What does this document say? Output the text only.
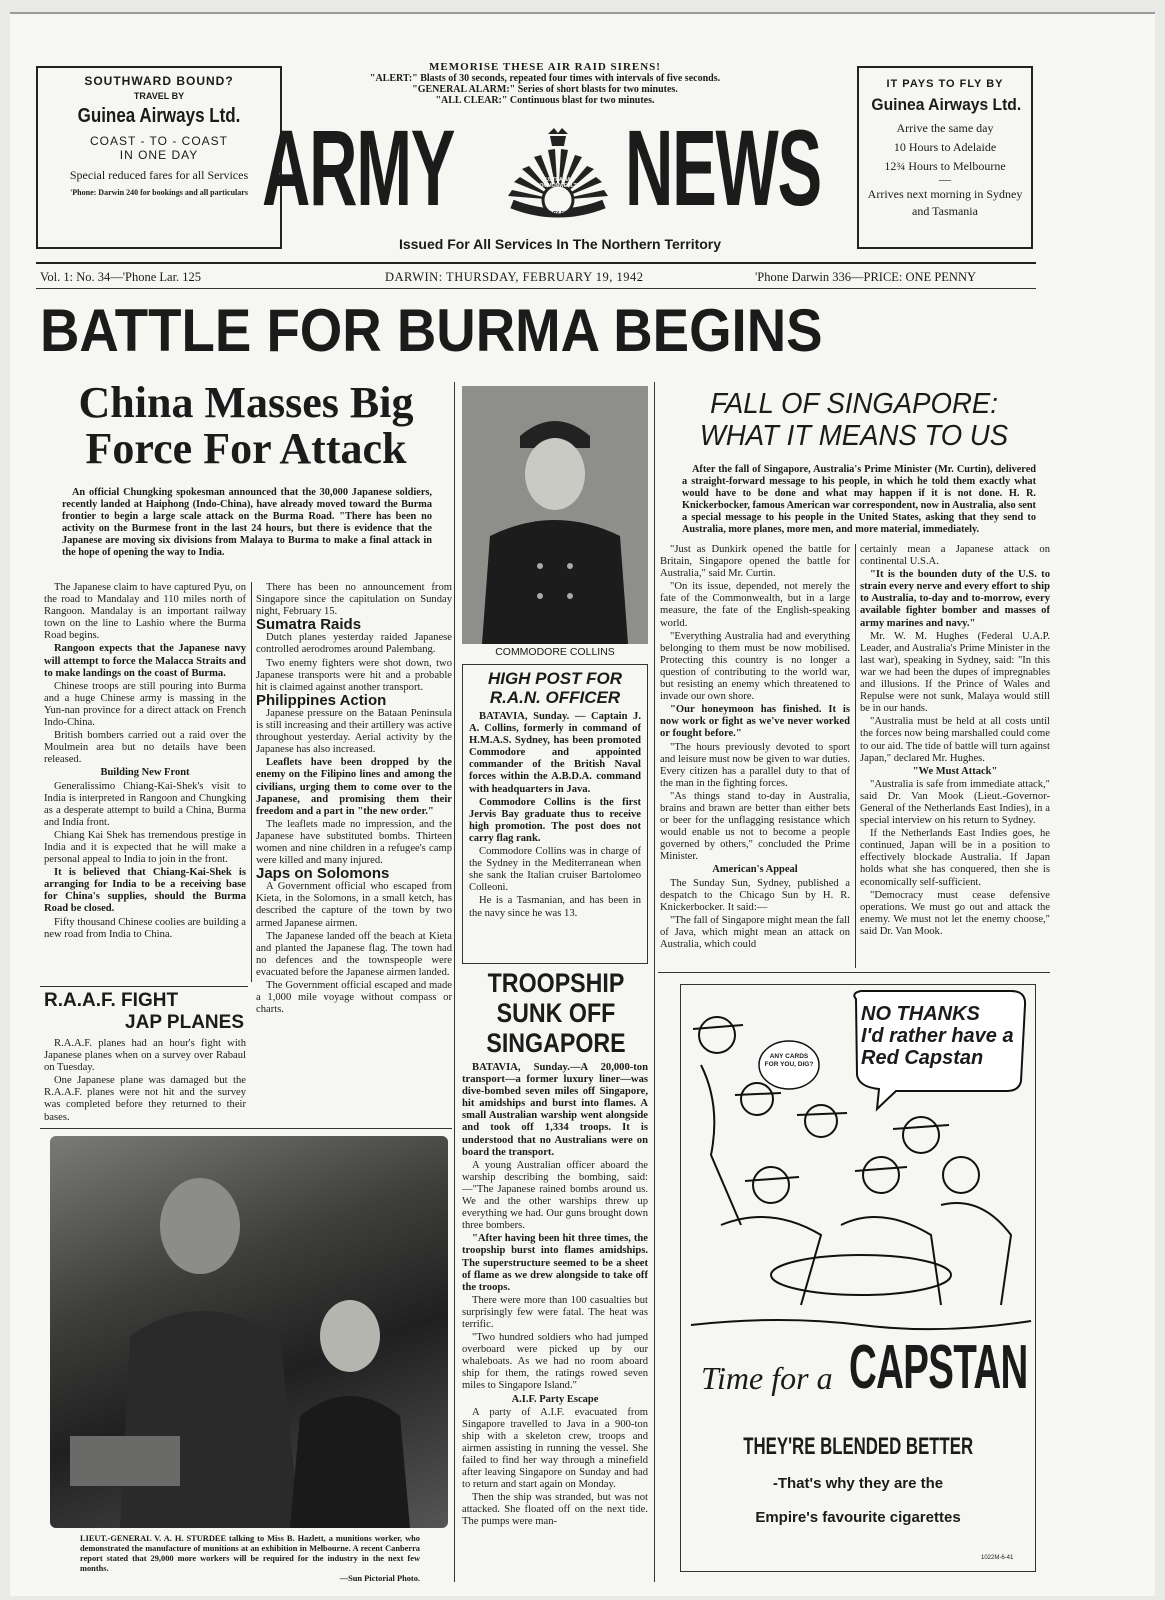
SOUTHWARD BOUND?
TRAVEL BY
Guinea Airways Ltd.
COAST - TO - COAST
IN ONE DAY
Special reduced fares for all Services
'Phone: Darwin 240 for bookings and all particulars
MEMORISE THESE AIR RAID SIRENS!
"ALERT:" Blasts of 30 seconds, repeated four times with intervals of five seconds.
"GENERAL ALARM:" Series of short blasts for two minutes.
"ALL CLEAR:" Continuous blast for two minutes.
ARMY NEWS
AUSTRALIAN COMMONWEALTH
MILITARY FORCES
Issued For All Services In The Northern Territory
IT PAYS TO FLY BY
Guinea Airways Ltd.
Arrive the same day
10 Hours to Adelaide
12¾ Hours to Melbourne
—
Arrives next morning in Sydney and Tasmania
Vol. 1: No. 34—'Phone Lar. 125	DARWIN: THURSDAY, FEBRUARY 19, 1942	'Phone Darwin 336—PRICE: ONE PENNY
BATTLE FOR BURMA BEGINS
China Masses Big
Force For Attack

An official Chungking spokesman announced that the 30,000 Japanese soldiers, recently landed at Haiphong (Indo-China), have already moved toward the Burma frontier to begin a large scale attack on the Burma Road. "There has been no activity on the Burmese front in the last 24 hours, but there is evidence that the Japanese are moving six divisions from Malaya to Burma to make a final attack in the hope of opening the way to India.

The Japanese claim to have captured Pyu, on the road to Mandalay and 110 miles north of Rangoon. Mandalay is an important railway town on the line to Lashio where the Burma Road begins.

Rangoon expects that the Japanese navy will attempt to force the Malacca Straits and to make landings on the coast of Burma.

Chinese troops are still pouring into Burma and a huge Chinese army is massing in the Yun-nan province for a direct attack on French Indo-China.

British bombers carried out a raid over the Moulmein area but no details have been released.

Building New Front

Generalissimo Chiang-Kai-Shek's visit to India is interpreted in Rangoon and Chungking as a desperate attempt to build a China, Burma and India front.

Chiang Kai Shek has tremendous prestige in India and it is expected that he will make a personal appeal to India to join in the front.

It is believed that Chiang-Kai-Shek is arranging for India to be a receiving base for China's supplies, should the Burma Road be closed.

Fifty thousand Chinese coolies are building a new road from India to China.

There has been no announcement from Singapore since the capitulation on Sunday night, February 15.

Sumatra Raids

Dutch planes yesterday raided Japanese controlled aerodromes around Palembang.

Two enemy fighters were shot down, two Japanese transports were hit and a probable hit is claimed against another transport.

Philippines Action

Japanese pressure on the Bataan Peninsula is still increasing and their artillery was active throughout yesterday. Aerial activity by the Japanese has also increased.

Leaflets have been dropped by the enemy on the Filipino lines and among the civilians, urging them to come over to the Japanese, and promising them their freedom and a part in "the new order."

The leaflets made no impression, and the Japanese have substituted bombs. Thirteen women and nine children in a refugee's camp were killed and many injured.

Japs on Solomons

A Government official who escaped from Kieta, in the Solomons, in a small ketch, has described the capture of the town by two armed Japanese airmen.

The Japanese landed off the beach at Kieta and planted the Japanese flag. The town had no defences and the townspeople were evacuated before the Japanese airmen landed.

The Government official escaped and made a 1,000 mile voyage without compass or charts.

R.A.A.F. FIGHT
JAP PLANES

R.A.A.F. planes had an hour's fight with Japanese planes when on a survey over Rabaul on Tuesday.

One Japanese plane was damaged but the R.A.A.F. planes were not hit and the survey was completed before they returned to their bases.

LIEUT.-GENERAL V. A. H. STURDEE talking to Miss B. Hazlett, a munitions worker, who demonstrated the manufacture of munitions at an exhibition in Melbourne. A recent Canberra report stated that 29,000 more workers will be required for the industry in the next few months.
—Sun Pictorial Photo.
COMMODORE COLLINS
HIGH POST FOR
R.A.N. OFFICER

BATAVIA, Sunday. — Captain J. A. Collins, formerly in command of H.M.A.S. Sydney, has been promoted Commodore and appointed commander of the British Naval forces within the A.B.D.A. command with headquarters in Java.

Commodore Collins is the first Jervis Bay graduate thus to receive high promotion. The post does not carry flag rank.

Commodore Collins was in charge of the Sydney in the Mediterranean when she sank the Italian cruiser Bartolomeo Colleoni.

He is a Tasmanian, and has been in the navy since he was 13.

TROOPSHIP
SUNK OFF
SINGAPORE

BATAVIA, Sunday.—A 20,000-ton transport—a former luxury liner—was dive-bombed seven miles off Singapore, hit amidships and burst into flames. A small Australian warship went alongside and took off 1,334 troops. It is understood that no Australians were on board the transport.

A young Australian officer aboard the warship describing the bombing, said:—"The Japanese rained bombs around us. We and the other warships threw up everything we had. Our guns brought down three bombers.

"After having been hit three times, the troopship burst into flames amidships. The superstructure seemed to be a sheet of flame as we drew alongside to take off the troops.

There were more than 100 casualties but surprisingly few were fatal. The heat was terrific.

"Two hundred soldiers who had jumped overboard were picked up by our whaleboats. As we had no room aboard ship for them, the ratings rowed seven miles to Singapore Island."

A.I.F. Party Escape

A party of A.I.F. evacuated from Singapore travelled to Java in a 900-ton ship with a skeleton crew, troops and airmen assisting in running the vessel. She failed to find her way through a minefield after leaving Singapore on Sunday and had to return and start again on Monday.

Then the ship was stranded, but was not attacked. She floated off on the next tide. The pumps were man-

FALL OF SINGAPORE:
WHAT IT MEANS TO US

After the fall of Singapore, Australia's Prime Minister (Mr. Curtin), delivered a straight-forward message to his people, in which he told them exactly what would have to be done and what may happen if it is not done. H. R. Knickerbocker, famous American war correspondent, now in Australia, also sent a special message to his people in the United States, asking that they send to Australia, more planes, more men, and more material, immediately.

"Just as Dunkirk opened the battle for Britain, Singapore opened the battle for Australia," said Mr. Curtin.

"On its issue, depended, not merely the fate of the Commonwealth, but in a large measure, the fate of the English-speaking world.

"Everything Australia had and everything belonging to them must be now mobilised. Protecting this country is no longer a question of contributing to the world war, but resisting an enemy which threatened to invade our own shore.

"Our honeymoon has finished. It is now work or fight as we've never worked or fought before."

"The hours previously devoted to sport and leisure must now be given to war duties. Every citizen has a parallel duty to that of the man in the fighting forces.

"As things stand to-day in Australia, brains and brawn are better than either bets or beer for the unflagging resistance which would enable us not to become a people governed by others," concluded the Prime Minister.

American's Appeal

The Sunday Sun, Sydney, published a despatch to the Chicago Sun by H. R. Knickerbocker. It said:—

"The fall of Singapore might mean the fall of Java, which might mean an attack on Australia, which could

certainly mean a Japanese attack on continental U.S.A.

"It is the bounden duty of the U.S. to strain every nerve and every effort to ship to Australia, to-day and to-morrow, every available fighter bomber and masses of army marines and navy."

Mr. W. M. Hughes (Federal U.A.P. Leader, and Australia's Prime Minister in the last war), speaking in Sydney, said: "In this war we had been the dupes of impregnables and illusions. If the Prince of Wales and Repulse were not sunk, Malaya would still be in our hands.

"Australia must be held at all costs until the forces now being marshalled could come to our aid. The tide of battle will turn against Japan," declared Mr. Hughes.

"We Must Attack"

"Australia is safe from immediate attack," said Dr. Van Mook (Lieut.-Governor-General of the Netherlands East Indies), in a special interview on his return to Sydney.

If the Netherlands East Indies goes, he continued, Japan will be in a position to effectively blockade Australia. If Japan holds what she has conquered, then she is economically self-sufficient.

"Democracy must cease defensive operations. We must go out and attack the enemy. We must not let the enemy choose," said Dr. Van Mook.

NO THANKS
I'd rather have a
Red Capstan
ANY CARDS FOR YOU, DIG?
Time for a CAPSTAN
THEY'RE BLENDED BETTER
-That's why they are the
Empire's favourite cigarettes
1022M-6-41
